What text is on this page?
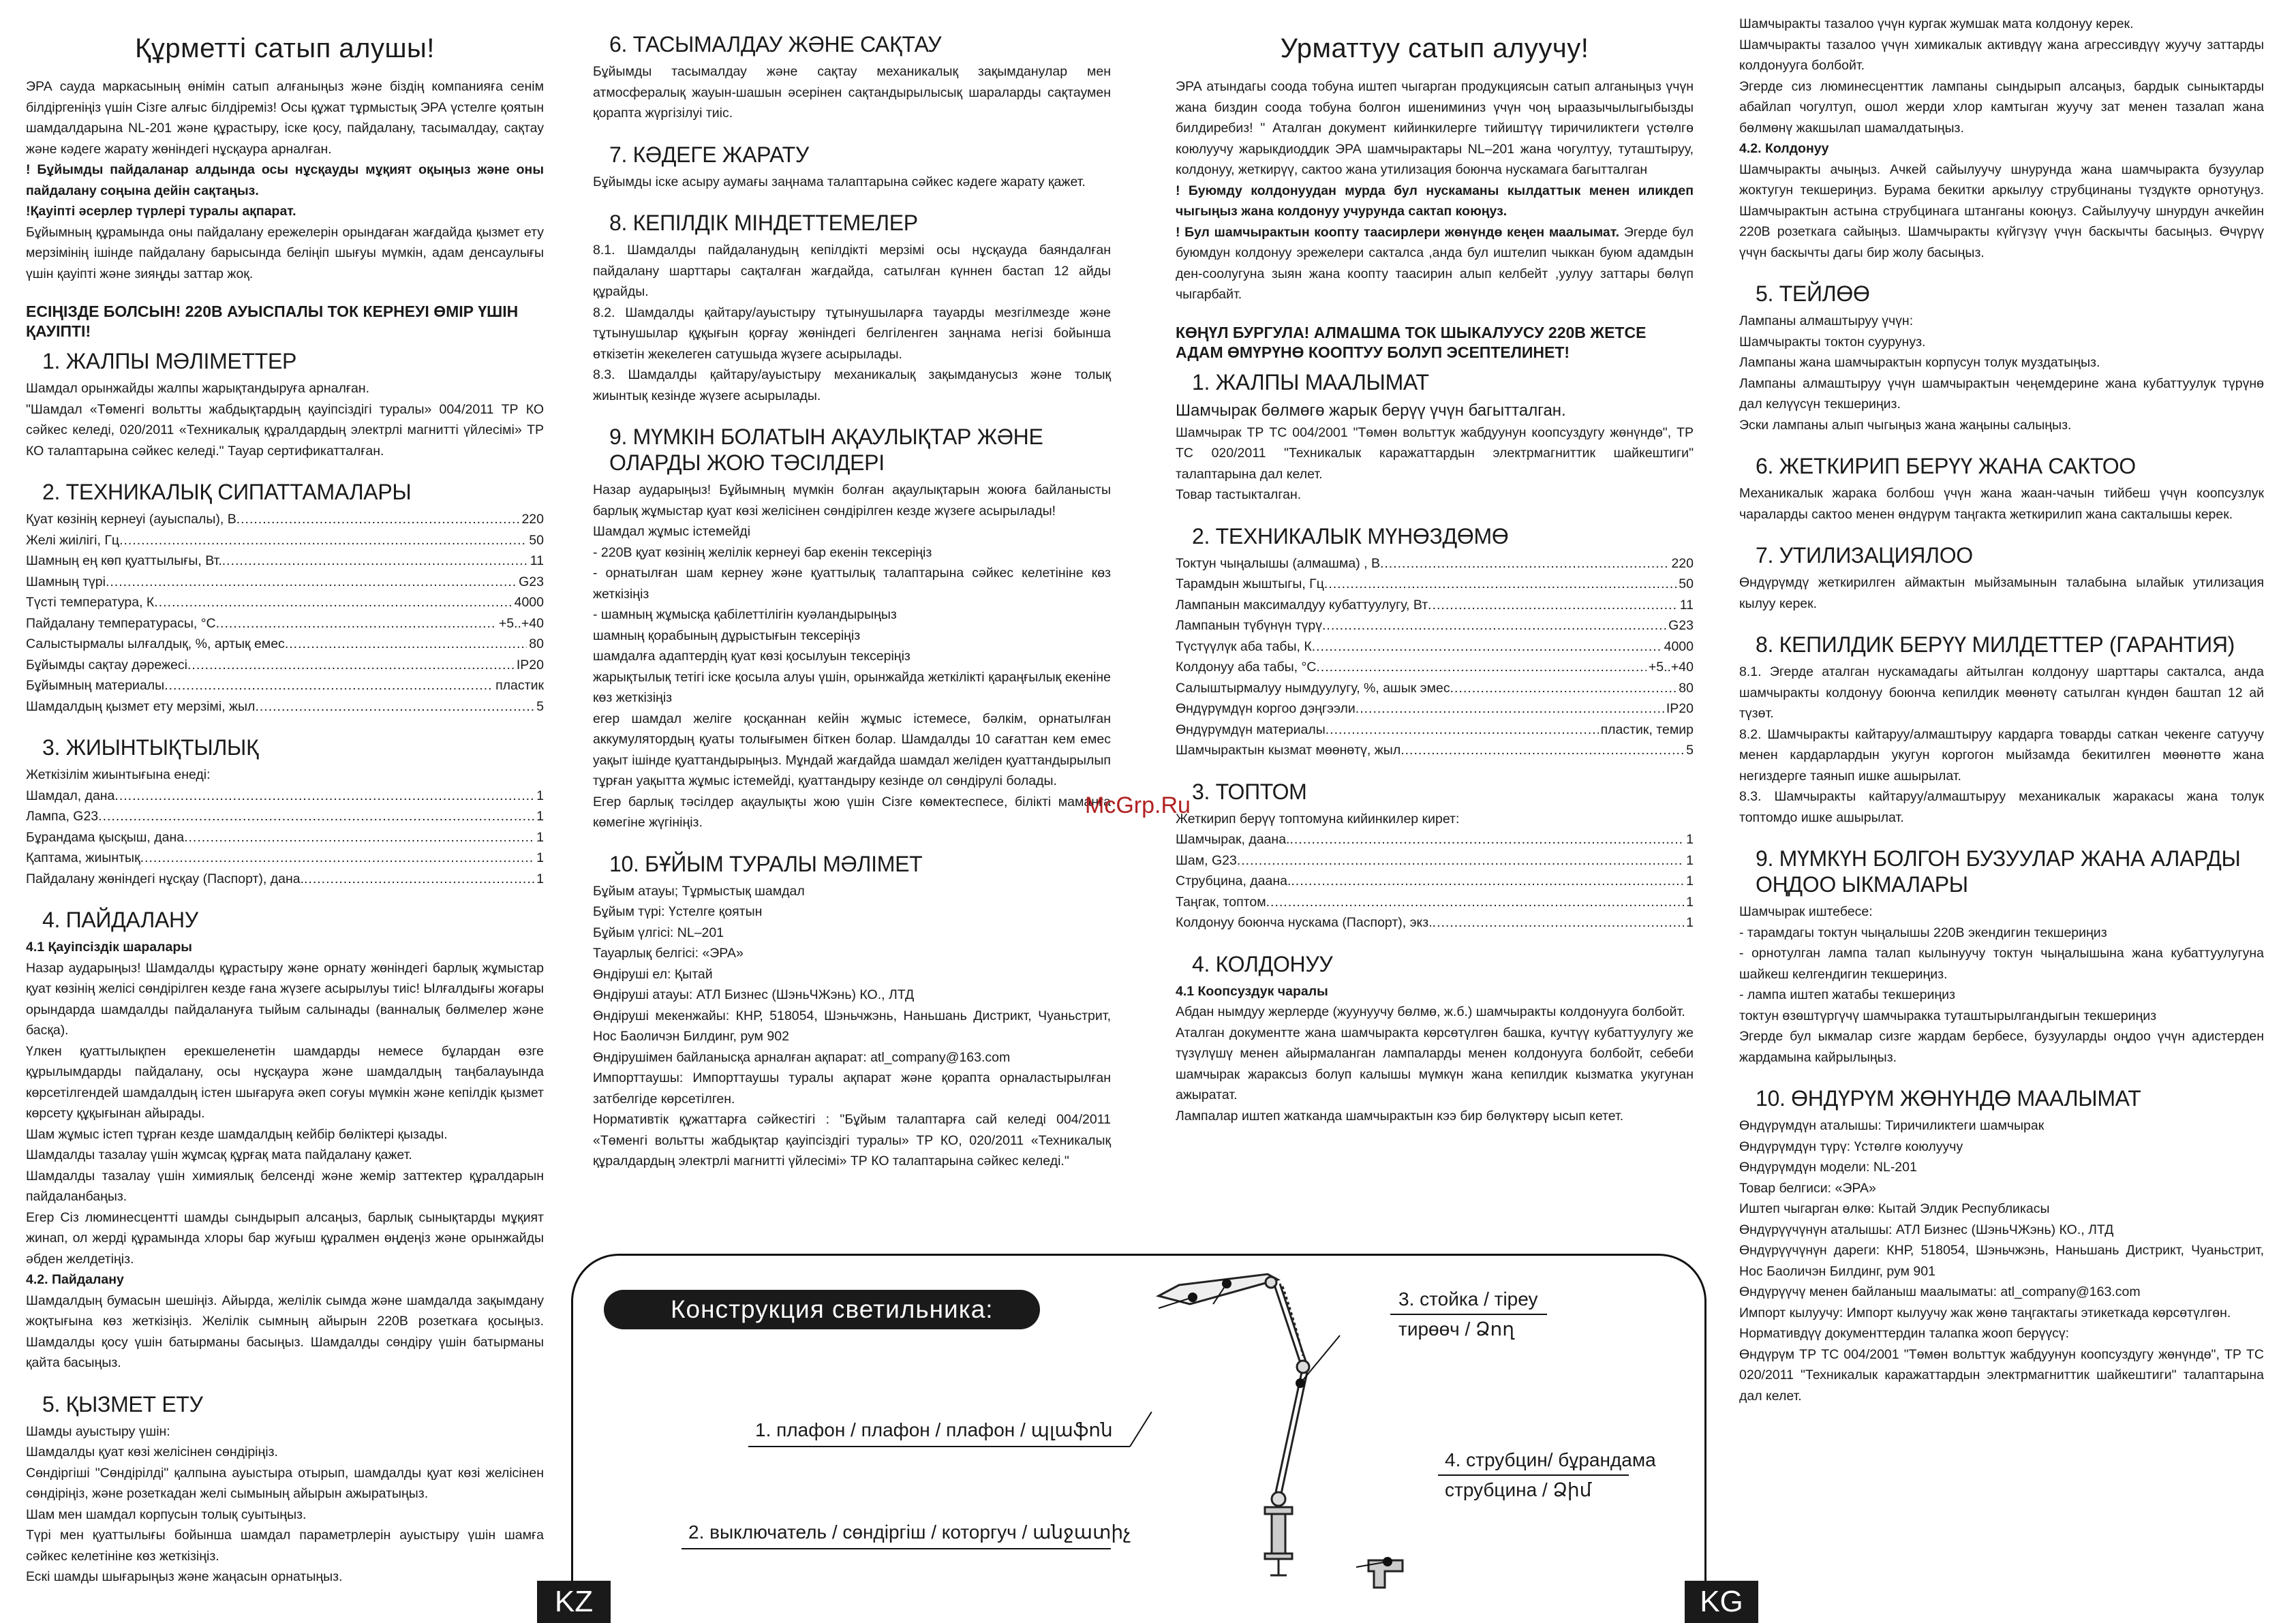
Құрметті сатып алушы!

ЭРА сауда маркасының өнімін сатып алғаныңыз және біздің компанияға сенім білдіргеніңіз үшін Сізге алғыс білдіреміз! Осы құжат тұрмыстық ЭРА үстелге қоятын шамдалдарына NL-201 және құрастыру, іске қосу, пайдалану, тасымалдау, сақтау және кәдеге жарату жөніндегі нұсқаура арналған.

! Бұйымды пайдаланар алдында осы нұсқауды мұқият оқыңыз және оны пайдалану соңына дейін сақтаңыз.

!Қауіпті әсерлер түрлері туралы ақпарат.

Бұйымның құрамында оны пайдалану ережелерін орындаған жағдайда қызмет ету мерзімінің ішінде пайдалану барысында беліңіп шығуы мүмкін, адам денсаулығы үшін қауіпті және зияңды заттар жоқ.

ЕСІҢІЗДЕ БОЛСЫН! 220В АУЫСПАЛЫ ТОК КЕРНЕУІ ӨМІР ҮШІН ҚАУІПТІ!
1. ЖАЛПЫ МӘЛІМЕТТЕР
Шамдал орынжайды жалпы жарықтандыруға арналған.
"Шамдал «Төменгі вольтты жабдықтардың қауіпсіздігі туралы» 004/2011 ТР КО сәйкес келеді, 020/2011 «Техникалық құралдардың электрлі магнитті үйлесімі» ТР КО талаптарына сәйкес келеді." Тауар сертификатталған.
2. ТЕХНИКАЛЫҚ СИПАТТАМАЛАРЫ
Қуат көзінің кернеуі (ауыспалы), В .....	220
Желі жиілігі, Гц .....	50
Шамның ең көп қуаттылығы, Вт. .....	11
Шамның түрі .....	G23
Түсті температура, К .....	4000
Пайдалану температурасы, °С .....	+5..+40
Салыстырмалы ылғалдық, %, артық емес .....	80
Бұйымды сақтау дәрежесі .....	IP20
Бұйымның материалы .....	пластик
Шамдалдың қызмет ету мерзімі, жыл .....	5
3. ЖИЫНТЫҚТЫЛЫҚ
Жеткізілім жиынтығына енеді:
Шамдал, дана .....	1
Лампа, G23 .....	1
Бұрандама қысқыш, дана .....	1
Қаптама, жиынтық .....	1
Пайдалану жөніндегі нұсқау (Паспорт), дана. .....	1
4. ПАЙДАЛАНУ
4.1 Қауіпсіздік шаралары
Назар аударыңыз! Шамдалды құрастыру және орнату жөніндегі барлық жұмыстар қуат көзінің желісі сөндірілген кезде ғана жүзеге асырылуы тиіс! Ылғалдығы жоғары орындарда шамдалды пайдалануға тыйым салынады (ванналық бөлмелер және басқа).
Үлкен қуаттылықпен ерекшеленетін шамдарды немесе бұлардан өзге құрылымдарды пайдалану, осы нұсқаура және шамдалдың таңбалауында көрсетілгендей шамдалдың істен шығаруға әкеп соғуы мүмкін және кепілдік қызмет көрсету құқығынан айырады.
Шам жұмыс істеп тұрған кезде шамдалдың кейбір бөліктері қызады.
Шамдалды тазалау үшін жұмсақ құрғақ мата пайдалану қажет.
Шамдалды тазалау үшін химиялық белсенді және жеміp заттектер құралдарын пайдаланбаңыз.
Егер Сіз люминесцентті шамды сындырып алсаңыз, барлық сынықтарды мұқият жинап, ол жерді құрамында хлоры бар жуғыш құралмен өңдеңіз және орынжайды әбден желдетіңіз.
4.2. Пайдалану
Шамдалдың бумасын шешіңіз. Айырда, желілік сымда және шамдалда зақымдану жоқтығына көз жеткізіңіз. Желілік сымның айырын 220В розеткаға қосыңыз. Шамдалды қосу үшін батырманы басыңыз. Шамдалды сөндіру үшін батырманы қайта басыңыз.
5. ҚЫЗМЕТ ЕТУ
Шамды ауыстыру үшін:
Шамдалды қуат көзі желісінен сөндіріңіз.
Сөндіргіші "Сөндірілді" қалпына ауыстыра отырып, шамдалды қуат көзі желісінен сөндіріңіз, және розеткадан желі сымының айырын ажыратыңыз.
Шам мен шамдал корпусын толық суытыңыз.
Түрі мен қуаттылығы бойынша шамдал параметрлерін ауыстыру үшін шамға сәйкес келетініне көз жеткізіңіз.
Ескі шамды шығарыңыз және жаңасын орнатыңыз.
6. ТАСЫМАЛДАУ ЖӘНЕ САҚТАУ
Бұйымды тасымалдау және сақтау механикалық зақымданулар мен атмосфералық жауын-шашын әсерінен сақтандырылысық шараларды сақтаумен қорапта жүргізілуі тиіс.
7. КӘДЕГЕ ЖАРАТУ
Бұйымды іске асыру аумағы заңнама талаптарына сәйкес кәдеге жарату қажет.
8. КЕПІЛДІК МІНДЕТТЕМЕЛЕР
8.1. Шамдалды пайдаланудың кепілдікті мерзімі осы нұсқауда баяндалған пайдалану шарттары сақталған жағдайда, сатылған күннен бастап 12 айды құрайды.
8.2. Шамдалды қайтару/ауыстыру тұтынушыларға тауарды мезгілмезде және тұтынушылар құқығын қорғау жөніндегі белгіленген заңнама негізі бойынша өткізетін жекелеген сатушыда жүзеге асырылады.
8.3. Шамдалды қайтару/ауыстыру механикалық зақымданусыз және толық жиынтық кезінде жүзеге асырылады.
9. МҮМКІН БОЛАТЫН АҚАУЛЫҚТАР ЖӘНЕ ОЛАРДЫ ЖОЮ ТӘСІЛДЕРІ
Назар аударыңыз! Бұйымның мүмкін болған ақаулықтарын жоюға байланысты барлық жұмыстар қуат көзі желісінен сөндірілген кезде жүзеге асырылады!
Шамдал жұмыс істемейді
- 220В қуат көзінің желілік кернеуі бар екенін тексеріңіз
- орнатылған шам кернеу және қуаттылық талаптарына сәйкес келетініне көз жеткізіңіз
- шамның жұмысқа қабілеттілігін куәландырыңыз
шамның қорабының дұрыстығын тексеріңіз
шамдалға адаптердің қуат көзі қосылуын тексеріңіз
жарықтылық тетігі іске қосыла алуы үшін, орынжайда жеткілікті қараңғылық екеніне көз жеткізіңіз
егер шамдал желіге қосқаннан кейін жұмыс істемесе, бәлкім, орнатылған аккумулятордың қуаты толығымен біткен болар. Шамдалды 10 сағаттан кем емес уақыт ішінде қуаттандырыңыз. Мұндай жағдайда шамдал желіден қуаттандырылып тұрған уақытта жұмыс істемейді, қуаттандыру кезінде ол сөндірулі болады.
Егер барлық тәсілдер ақаулықты жою үшін Сізге көмектеспесе, білікті маманға көмегіне жүгініңіз.
10. БҰЙЫМ ТУРАЛЫ МӘЛІМЕТ
Бұйым атауы; Тұрмыстық шамдал
Бұйым түрі: Үстелге қоятын
Бұйым үлгісі: NL–201
Тауарлық белгісі: «ЭРА»
Өндіруші ел: Қытай
Өндіруші атауы: АТЛ Бизнес (ШэньЧЖэнь) КО., ЛТД
Өндіруші мекенжайы: КНР, 518054, Шэньчжэнь, Наньшань Дистрикт, Чуаньстрит, Нос Баоличэн Билдинг, рум 902
Өндірушімен байланысқа арналған ақпарат: atl_company@163.com
Импорттаушы: Импорттаушы туралы ақпарат және қорапта орналастырылған затбелгіде көрсетілген.
Нормативтік құжаттарға сәйкестігі : "Бұйым талаптарға сай келеді 004/2011 «Төменгі вольтты жабдықтар қауіпсіздігі туралы» ТР КО, 020/2011 «Техникалық құралдардың электрлі магнитті үйлесімі» ТР КО талаптарына сәйкес келеді."
Урматтуу сатып алуучу!

ЭРА атындагы соода тобуна иштеп чыгарган продукциясын сатып алганыңыз үчүн жана биздин соода тобуна болгон ишениминиз үчүн чоң ыраазычылыгыбызды билдиребиз! " Аталган документ кийинкилерге тийиштүү тиричиликтеги үстөлгө коюлуучу жарыкдиоддик ЭРА шамчырактары NL–201 жана чогултуу, туташтыруу, колдонуу, жеткирүү, сактоо жана утилизация боюнча нускамага багытталган

! Буюмду колдонуудан мурда бул нускаманы кылдаттык менен иликдеп чыгыңыз жана колдонуу учурунда сактап коюңуз.

! Бул шамчырактын коопту таасирлери жөнүндө кеңен маалымат. Эгерде бул буюмдун колдонуу эрежелери сакталса ,анда бул иштелип чыккан буюм адамдын ден-соолугуна зыян жана коопту таасирин алып келбейт ,уулуу заттары бөлүп чыгарбайт.

КӨҢҮЛ БУРГУЛА! АЛМАШМА ТОК ШЫКАЛУУСУ 220В ЖЕТСЕ АДАМ ӨМҮРҮНӨ КООПТУУ БОЛУП ЭСЕПТЕЛИНЕТ!
1. ЖАЛПЫ МААЛЫМАТ
Шамчырак бөлмөгө жарык берүү үчүн багытталган.
Шамчырак ТР ТС 004/2001 "Төмөн вольттук жабдуунун коопсуздугу жөнүндө", ТР ТС 020/2011 "Техникалык каражаттардын электрмагниттик шайкештиги" талаптарына дал келет.
Товар тастыкталган.
2. ТЕХНИКАЛЫК МҮНӨЗДӨМӨ
Токтун чыңалышы (алмашма) , В .....	220
Тарамдын жыштыгы, Гц .....	50
Лампанын максималдуу кубаттуулугу, Вт .....	11
Лампанын түбүнүн түрү .....	G23
Түстүүлүк аба табы, К .....	4000
Колдонуу аба табы, °С .....	+5..+40
Салыштырмалуу нымдуулугу, %, ашык эмес .....	80
Өндүрүмдүн коргоо дэңгээли .....	IP20
Өндүрүмдүн материалы .....	пластик, темир
Шамчырактын кызмат мөөнөтү, жыл .....	5
3. ТОПТОМ
Жеткирип берүү топтомуна кийинкилер кирет:
Шамчырак, даана. .....	1
Шам, G23 .....	1
Струбцина, даана. .....	1
Таңгак, топтом .....	1
Колдонуу боюнча нускама (Паспорт), экз. .....	1
4. КОЛДОНУУ
4.1 Коопсуздук чаралы
Абдан нымдуу жерлерде (жуунуучу бөлмө, ж.б.) шамчыракты колдонууга болбойт.
Аталган документте жана шамчыракта көрсөтүлгөн башка, кучтүү кубаттуулугу же түзүлүшү менен айырмаланган лампаларды менен колдонууга болбойт, себеби шамчырак жараксыз болуп калышы мүмкүн жана кепилдик кызматка укугунан ажыратат.
Лампалар иштеп жатканда шамчырактын кээ бир бөлүктөрү ысып кетет.
Шамчыракты тазалоо үчүн кургак жумшак мата колдонуу керек.
Шамчыракты тазалоо үчүн химикалык активдүү жана агрессивдүү жуучу заттарды колдонууга болбойт.
Эгерде сиз люминесценттик лампаны сындырып алсаңыз, бардык сыныктарды абайлап чогултуп, ошол жерди хлор камтыган жуучу зат менен тазалап жана бөлмөнү жакшылап шамалдатыңыз.
4.2. Колдонуу
Шамчыракты ачыңыз. Ачкей сайылуучу шнурунда жана шамчыракта бузуулар жоктугун текшериңиз. Бурама бекитки аркылуу струбцинаны түздүктө орнотуңуз. Шамчырактын астына струбцинага штанганы коюңуз. Сайылуучу шнурдун ачкейин 220В розеткага сайыңыз. Шамчыракты күйгүзүү үчүн баскычты басыңыз. Өчүрүү үчүн баскычты дагы бир жолу басыңыз.
5. ТЕЙЛӨӨ
Лампаны алмаштыруу үчүн:
Шамчыракты токтон суурунуз.
Лампаны жана шамчырактын корпусун толук муздатыңыз.
Лампаны алмаштыруу үчүн шамчырактын чеңемдерине жана кубаттуулук түрүнө дал келүүсүн текшериңиз.
Эски лампаны алып чыгыңыз жана жаңыны салыңыз.
6. ЖЕТКИРИП БЕРҮҮ ЖАНА САКТОО
Механикалык жарака болбош үчүн жана жаан-чачын тийбеш үчүн коопсузлук чараларды сактоо менен өндүрүм таңгакта жеткирилип жана сакталышы керек.
7. УТИЛИЗАЦИЯЛОО
Өндүрүмдү жеткирилген аймактын мыйзамынын талабына ылайык утилизация кылуу керек.
8. КЕПИЛДИК БЕРҮҮ МИЛДЕТТЕР (ГАРАНТИЯ)
8.1. Эгерде аталган нускамадагы айтылган колдонуу шарттары сакталса, анда шамчыракты колдонуу боюнча кепилдик мөөнөтү сатылган күндөн баштап 12 ай түзөт.
8.2. Шамчыракты кайтаруу/алмаштыруу кардарга товарды саткан чекенге сатуучу менен кардарлардын укугун коргогон мыйзамда бекитилген мөөнөттө жана негиздерге таянып ишке ашырылат.
8.3. Шамчыракты кайтаруу/алмаштыруу механикалык жаракасы жана толук топтомдо ишке ашырылат.
9. МҮМКҮН БОЛГОН БУЗУУЛАР ЖАНА АЛАРДЫ ОҢДОО ЫКМАЛАРЫ
Шамчырак иштебесе:
- тарамдагы токтун чыңалышы 220В экендигин текшериңиз
- орнотулган лампа талап кылынуучу токтун чыңалышына жана кубаттуулугуна шайкеш келгендигин текшериңиз.
- лампа иштеп жатабы текшериңиз
токтун өзөштүргүчү шамчыракка туташтырылгандыгын текшериңиз
Эгерде бул ыкмалар сизге жардам бербесе, бузууларды оңдоо үчүн адистерден жардамына кайрылыңыз.
10. ӨНДҮРҮМ ЖӨНҮНДӨ МААЛЫМАТ
Өндүрүмдүн аталышы: Тиричиликтеги шамчырак
Өндүрүмдүн түрү: Үстөлгө коюлуучу
Өндүрүмдүн модели: NL-201
Товар белгиси: «ЭРА»
Иштеп чыгарган өлкө: Кытай Элдик Республикасы
Өндүрүүчүнүн аталышы: АТЛ Бизнес (ШэньЧЖэнь) КО., ЛТД
Өндүрүүчүнүн дареги: КНР, 518054, Шэньчжэнь, Наньшань Дистрикт, Чуаньстрит, Нос Баоличэн Билдинг, рум 901
Өндүрүүчү менен байланыш маалыматы: atl_company@163.com
Импорт кылуучу: Импорт кылуучу жак жөнө таңгактагы этикеткада көрсөтүлгөн.
Нормативдүү документтердин талапка жооп берүүсү:
Өндүрүм ТР ТС 004/2001 "Төмөн вольттук жабдуунун коопсуздугу жөнүндө", ТР ТС 020/2011 "Техникалык каражаттардын электрмагниттик шайкештиги" талаптарына дал келет.
Конструкция светильника:
1. плафон / плафон / плафон / պլաֆոն
2. выключатель / сөндіргіш / которгуч / անջատիչ
3. стойка / тіреу
тирөөч / Ձող
4. струбцин/ бұрандама
струбцина / Ձիմ
McGrp.Ru
KZ	KG
